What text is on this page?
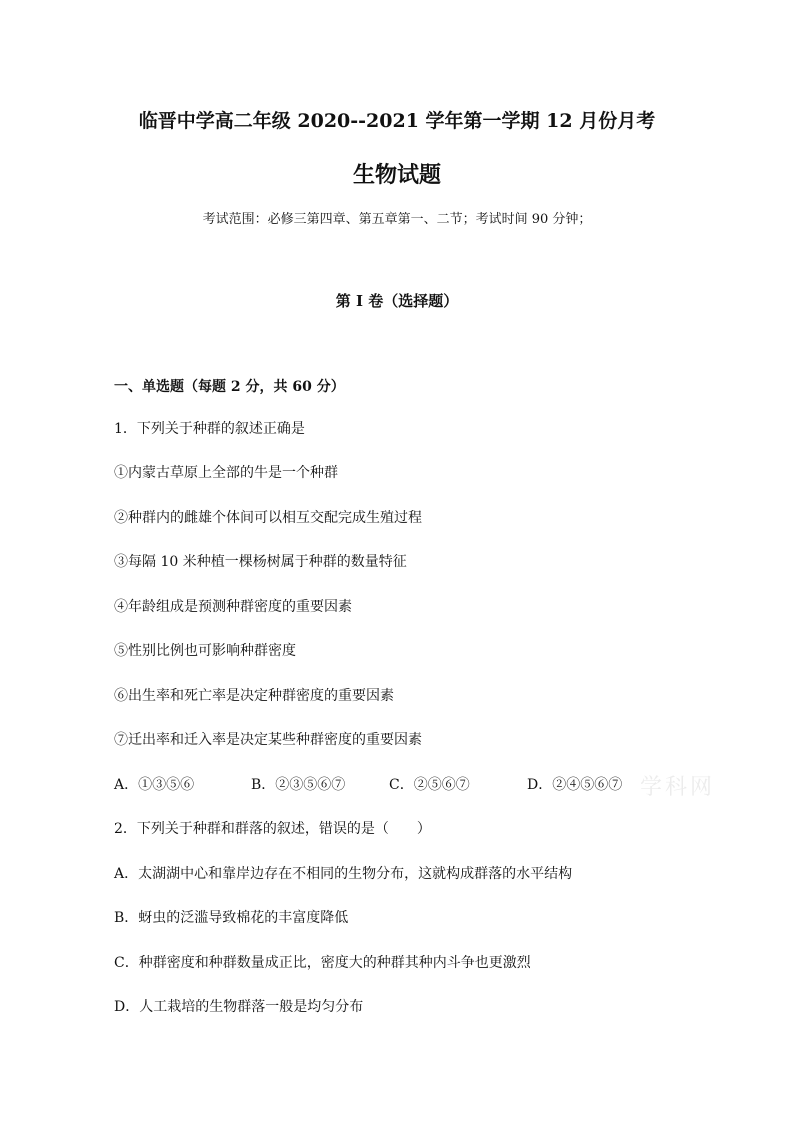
临晋中学高二年级 2020--2021 学年第一学期 12 月份月考
生物试题
考试范围：必修三第四章、第五章第一、二节；考试时间 90 分钟；
第 I 卷（选择题）
一、单选题（每题 2 分，共 60 分）
1．下列关于种群的叙述正确是
①内蒙古草原上全部的牛是一个种群
②种群内的雌雄个体间可以相互交配完成生殖过程
③每隔 10 米种植一棵杨树属于种群的数量特征
④年龄组成是预测种群密度的重要因素
⑤性别比例也可影响种群密度
⑥出生率和死亡率是决定种群密度的重要因素
⑦迁出率和迁入率是决定某些种群密度的重要因素
A．①③⑤⑥	B．②③⑤⑥⑦	C．②⑤⑥⑦	D．②④⑤⑥⑦ 学科网
2．下列关于种群和群落的叙述，错误的是（　　）
A．太湖湖中心和靠岸边存在不相同的生物分布，这就构成群落的水平结构
B．蚜虫的泛滥导致棉花的丰富度降低
C．种群密度和种群数量成正比，密度大的种群其种内斗争也更激烈
D．人工栽培的生物群落一般是均匀分布
